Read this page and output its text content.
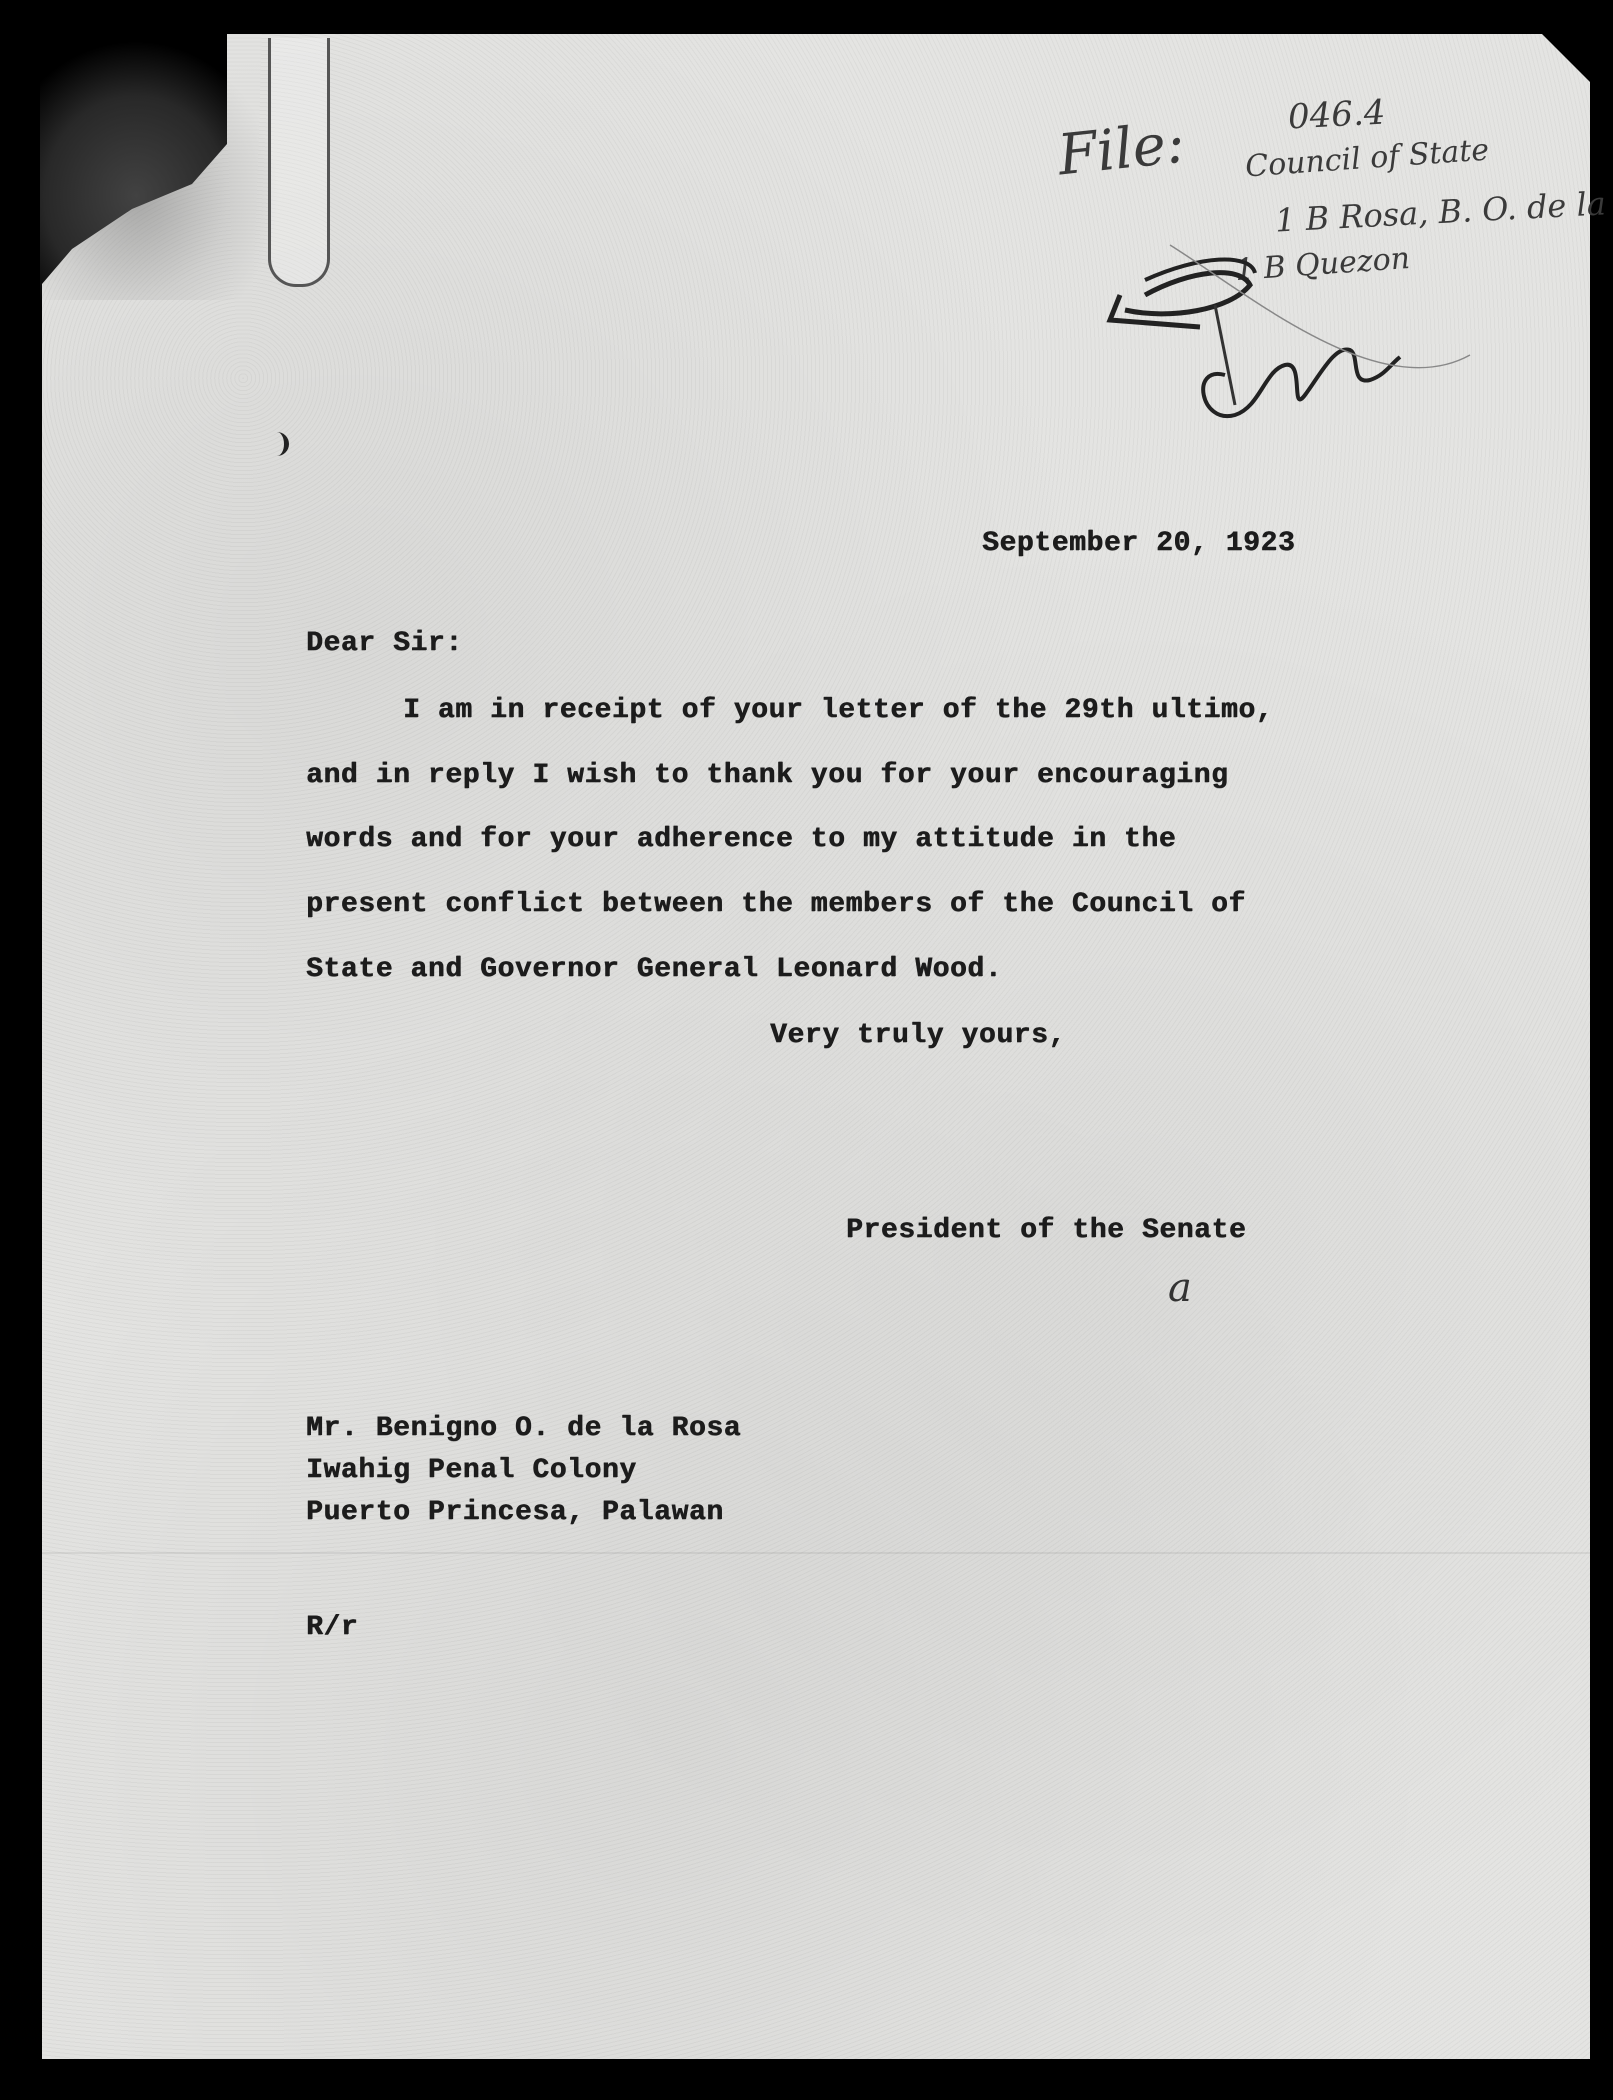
File:	046.4

Council of State

1 B Rosa, B. O. de la

1 B Quezon

September 20, 1923

Dear Sir:

I am in receipt of your letter of the 29th ultimo,

and in reply I wish to thank you for your encouraging

words and for your adherence to my attitude in the

present conflict between the members of the Council of

State and Governor General Leonard Wood.

Very truly yours,

President of the Senate

a

Mr. Benigno O. de la Rosa

Iwahig Penal Colony

Puerto Princesa, Palawan

R/r
